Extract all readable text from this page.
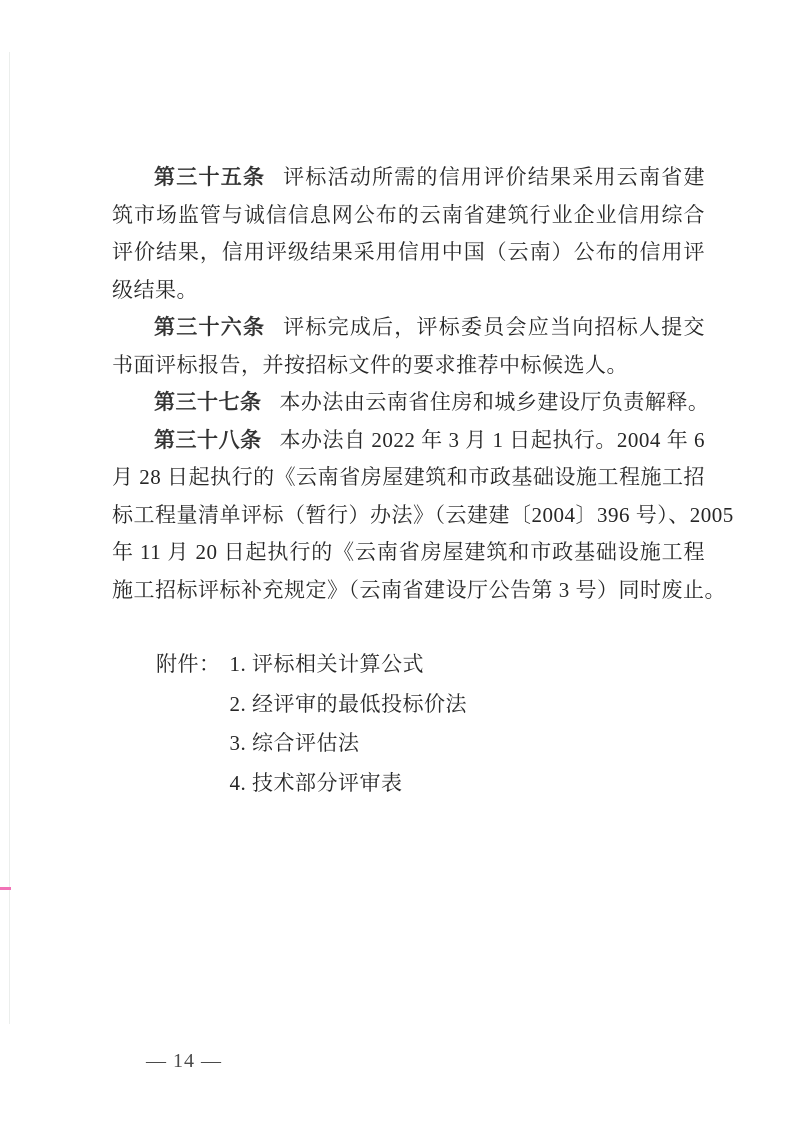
第三十五条 评标活动所需的信用评价结果采用云南省建
筑市场监管与诚信信息网公布的云南省建筑行业企业信用综合
评价结果，信用评级结果采用信用中国（云南）公布的信用评
级结果。
第三十六条 评标完成后，评标委员会应当向招标人提交
书面评标报告，并按招标文件的要求推荐中标候选人。
第三十七条 本办法由云南省住房和城乡建设厅负责解释。
第三十八条 本办法自 2022 年 3 月 1 日起执行。2004 年 6
月 28 日起执行的《云南省房屋建筑和市政基础设施工程施工招
标工程量清单评标（暂行）办法》（云建建〔2004〕396 号）、2005
年 11 月 20 日起执行的《云南省房屋建筑和市政基础设施工程
施工招标评标补充规定》（云南省建设厅公告第 3 号）同时废止。
附件： 1. 评标相关计算公式
2. 经评审的最低投标价法
3. 综合评估法
4. 技术部分评审表
— 14 —
